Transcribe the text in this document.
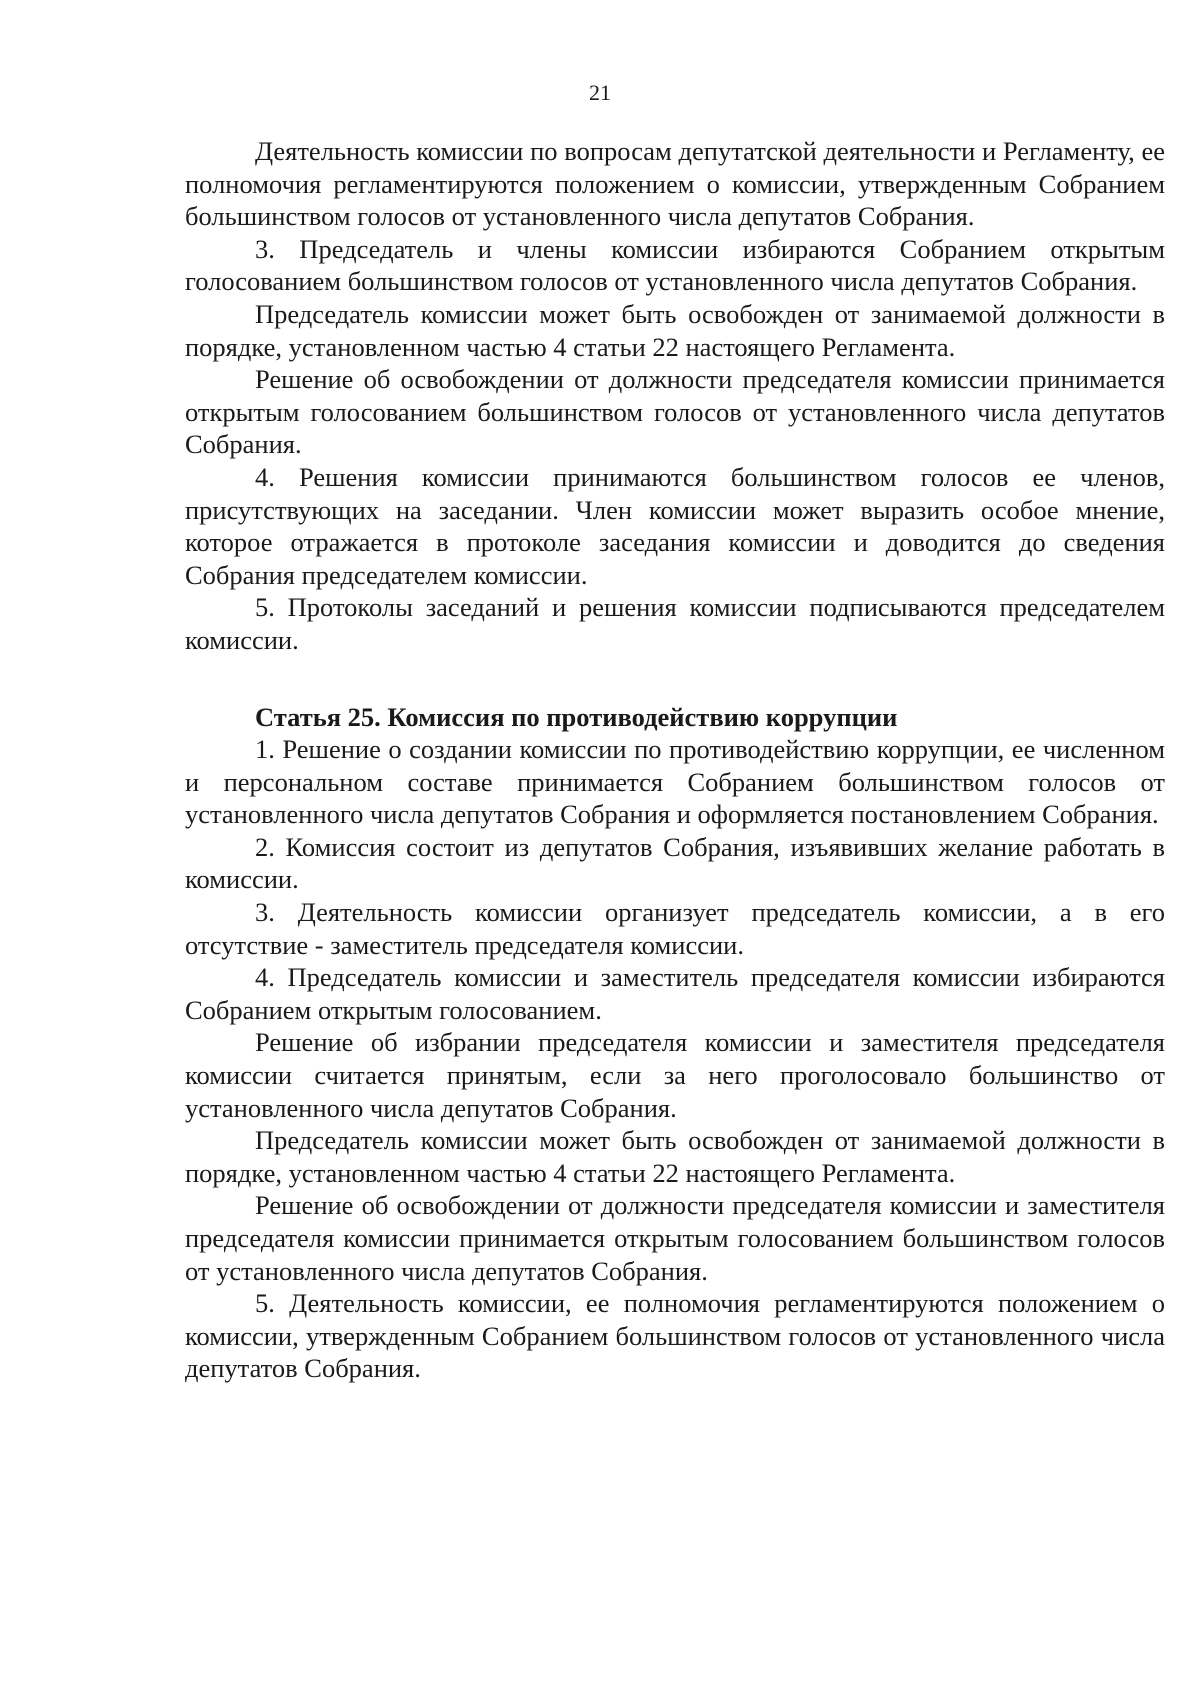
21

Деятельность комиссии по вопросам депутатской деятельности и Регламенту, ее полномочия регламентируются положением о комиссии, утвержденным Собранием большинством голосов от установленного числа депутатов Собрания.

3. Председатель и члены комиссии избираются Собранием открытым голосованием большинством голосов от установленного числа депутатов Собрания.

Председатель комиссии может быть освобожден от занимаемой должности в порядке, установленном частью 4 статьи 22 настоящего Регламента.

Решение об освобождении от должности председателя комиссии принимается открытым голосованием большинством голосов от установленного числа депутатов Собрания.

4. Решения комиссии принимаются большинством голосов ее членов, присутствующих на заседании. Член комиссии может выразить особое мнение, которое отражается в протоколе заседания комиссии и доводится до сведения Собрания председателем комиссии.

5. Протоколы заседаний и решения комиссии подписываются председателем комиссии.

Статья 25. Комиссия по противодействию коррупции

1. Решение о создании комиссии по противодействию коррупции, ее численном и персональном составе принимается Собранием большинством голосов от установленного числа депутатов Собрания и оформляется постановлением Собрания.

2. Комиссия состоит из депутатов Собрания, изъявивших желание работать в комиссии.

3. Деятельность комиссии организует председатель комиссии, а в его отсутствие - заместитель председателя комиссии.

4. Председатель комиссии и заместитель председателя комиссии избираются Собранием открытым голосованием.

Решение об избрании председателя комиссии и заместителя председателя комиссии считается принятым, если за него проголосовало большинство от установленного числа депутатов Собрания.

Председатель комиссии может быть освобожден от занимаемой должности в порядке, установленном частью 4 статьи 22 настоящего Регламента.

Решение об освобождении от должности председателя комиссии и заместителя председателя комиссии принимается открытым голосованием большинством голосов от установленного числа депутатов Собрания.

5. Деятельность комиссии, ее полномочия регламентируются положением о комиссии, утвержденным Собранием большинством голосов от установленного числа депутатов Собрания.
